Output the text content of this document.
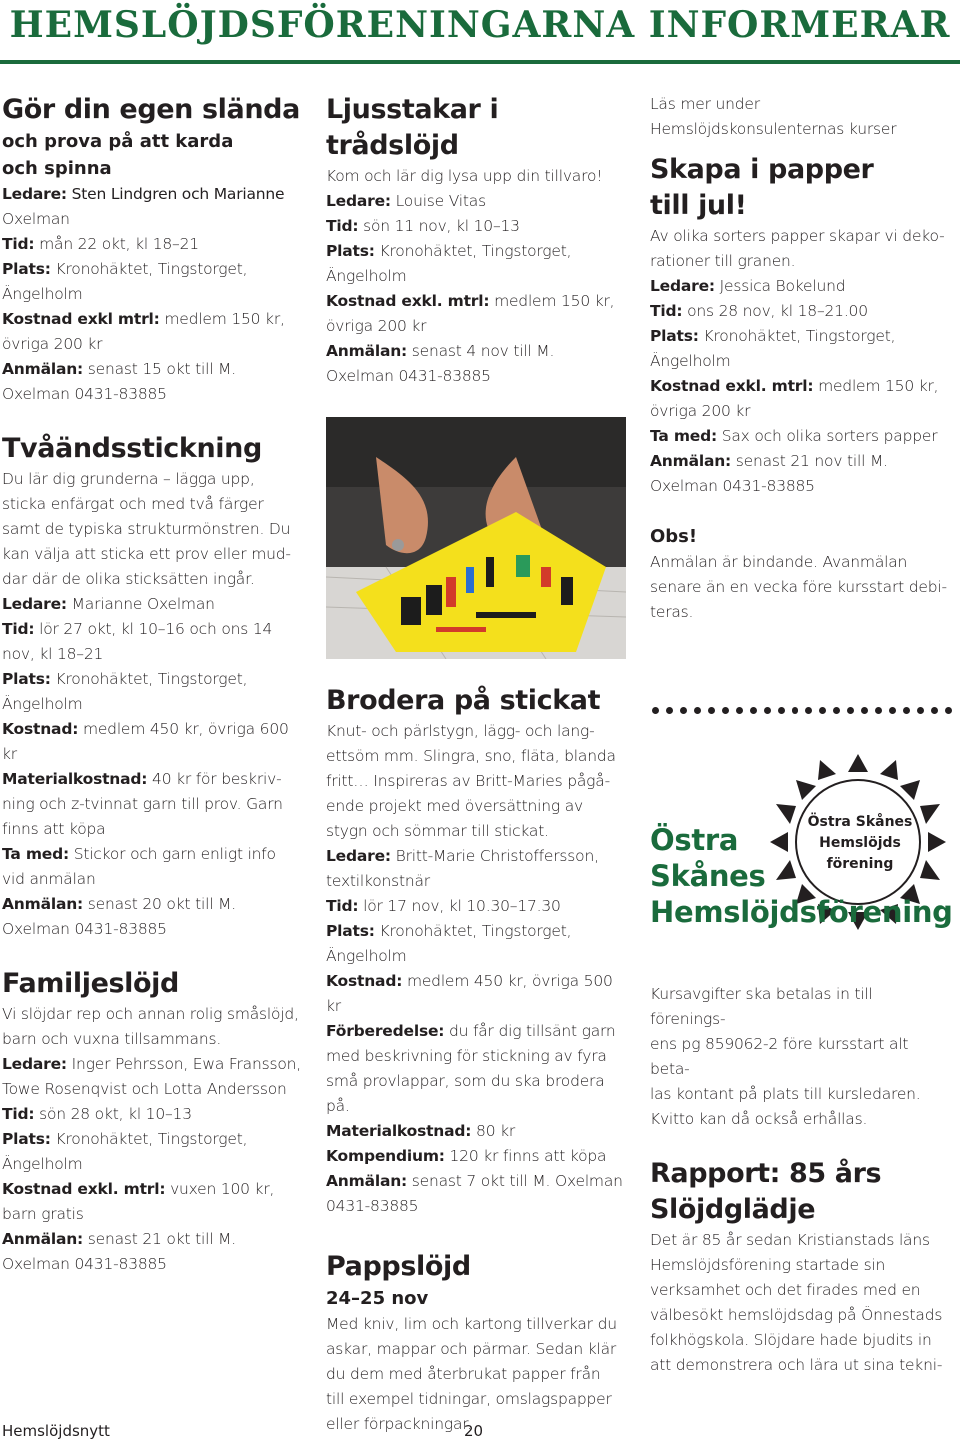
HEMSLÖJDSFÖRENINGARNA INFORMERAR
Gör din egen slända
och prova på att karda
och spinna
Ledare: Sten Lindgren och Marianne
Oxelman
Tid: mån 22 okt, kl 18–21
Plats: Kronohäktet, Tingstorget,
Ängelholm
Kostnad exkl mtrl: medlem 150 kr,
övriga 200 kr
Anmälan: senast 15 okt till M.
Oxelman 0431-83885
Tvåändsstickning
Du lär dig grunderna – lägga upp,
sticka enfärgat och med två färger
samt de typiska strukturmönstren. Du
kan välja att sticka ett prov eller mud-
dar där de olika sticksätten ingår.
Ledare: Marianne Oxelman
Tid: lör 27 okt, kl 10–16 och ons 14
nov, kl 18–21
Plats: Kronohäktet, Tingstorget,
Ängelholm
Kostnad: medlem 450 kr, övriga 600 kr
Materialkostnad: 40 kr för beskriv-
ning och z-tvinnat garn till prov. Garn
finns att köpa
Ta med: Stickor och garn enligt info
vid anmälan
Anmälan: senast 20 okt till M.
Oxelman 0431-83885
Familjeslöjd
Vi slöjdar rep och annan rolig småslöjd,
barn och vuxna tillsammans.
Ledare: Inger Pehrsson, Ewa Fransson,
Towe Rosenqvist och Lotta Andersson
Tid: sön 28 okt, kl 10–13
Plats: Kronohäktet, Tingstorget,
Ängelholm
Kostnad exkl. mtrl: vuxen 100 kr,
barn gratis
Anmälan: senast 21 okt till M.
Oxelman 0431-83885
Ljusstakar i trådslöjd
Kom och lär dig lysa upp din tillvaro!
Ledare: Louise Vitas
Tid: sön 11 nov, kl 10–13
Plats: Kronohäktet, Tingstorget,
Ängelholm
Kostnad exkl. mtrl: medlem 150 kr,
övriga 200 kr
Anmälan: senast 4 nov till M.
Oxelman 0431-83885
Brodera på stickat
Knut- och pärlstygn, lägg- och lang-
ettsöm mm. Slingra, sno, fläta, blanda
fritt… Inspireras av Britt-Maries pågå-
ende projekt med översättning av
stygn och sömmar till stickat.
Ledare: Britt-Marie Christoffersson,
textilkonstnär
Tid: lör 17 nov, kl 10.30–17.30
Plats: Kronohäktet, Tingstorget,
Ängelholm
Kostnad: medlem 450 kr, övriga 500 kr
Förberedelse: du får dig tillsänt garn
med beskrivning för stickning av fyra
små provlappar, som du ska brodera
på.
Materialkostnad: 80 kr
Kompendium: 120 kr finns att köpa
Anmälan: senast 7 okt till M. Oxelman
0431-83885
Pappslöjd
24–25 nov
Med kniv, lim och kartong tillverkar du
askar, mappar och pärmar. Sedan klär
du dem med återbrukat papper från
till exempel tidningar, omslagspapper
eller förpackningar.
Läs mer under
Hemslöjdskonsulenternas kurser
Skapa i papper
till jul!
Av olika sorters papper skapar vi deko-
rationer till granen.
Ledare: Jessica Bokelund
Tid: ons 28 nov, kl 18–21.00
Plats: Kronohäktet, Tingstorget,
Ängelholm
Kostnad exkl. mtrl: medlem 150 kr,
övriga 200 kr
Ta med: Sax och olika sorters papper
Anmälan: senast 21 nov till M.
Oxelman 0431-83885
Obs!
Anmälan är bindande. Avanmälan
senare än en vecka före kursstart debi-
teras.
Östra Skånes
Hemslöjds
förening
Östra
Skånes
Hemslöjdsförening
Kursavgifter ska betalas in till förenings-
ens pg 859062-2 före kursstart alt beta-
las kontant på plats till kursledaren.
Kvitto kan då också erhållas.
Rapport: 85 års
Slöjdglädje
Det är 85 år sedan Kristianstads läns
Hemslöjdsförening startade sin
verksamhet och det firades med en
välbesökt hemslöjdsdag på Önnestads
folkhögskola. Slöjdare hade bjudits in
att demonstrera och lära ut sina tekni-
Hemslöjdsnytt	20
